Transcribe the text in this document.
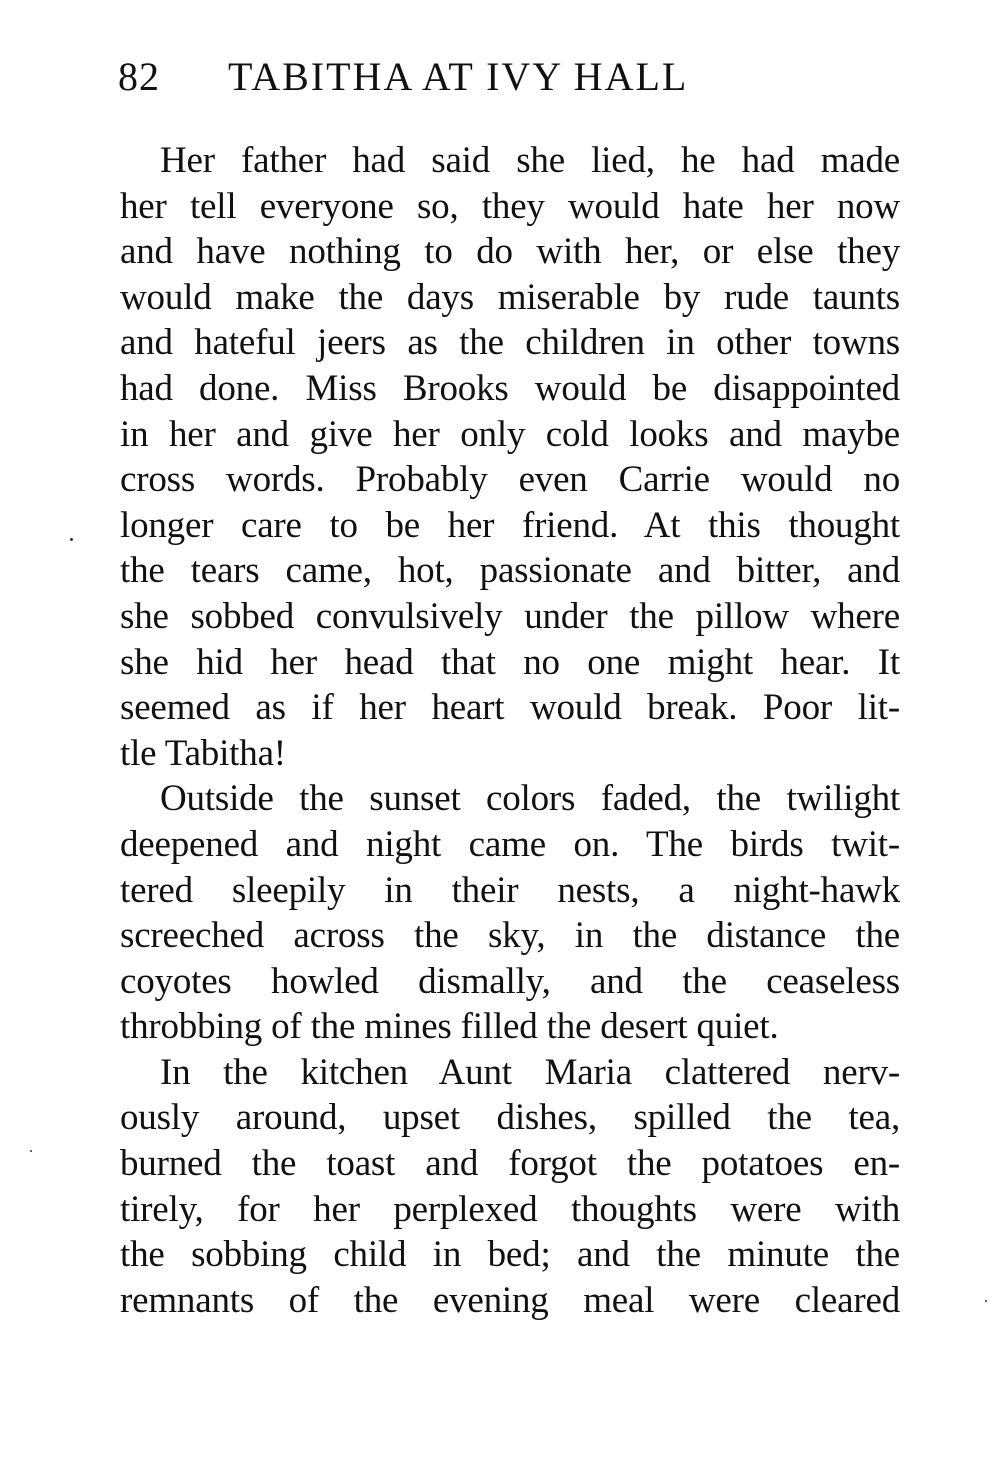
82 TABITHA AT IVY HALL
Her father had said she lied, he had made
her tell everyone so, they would hate her now
and have nothing to do with her, or else they
would make the days miserable by rude taunts
and hateful jeers as the children in other towns
had done. Miss Brooks would be disappointed
in her and give her only cold looks and maybe
cross words. Probably even Carrie would no
longer care to be her friend. At this thought
the tears came, hot, passionate and bitter, and
she sobbed convulsively under the pillow where
she hid her head that no one might hear. It
seemed as if her heart would break. Poor lit-
tle Tabitha!
Outside the sunset colors faded, the twilight
deepened and night came on. The birds twit-
tered sleepily in their nests, a night-hawk
screeched across the sky, in the distance the
coyotes howled dismally, and the ceaseless
throbbing of the mines filled the desert quiet.
In the kitchen Aunt Maria clattered nerv-
ously around, upset dishes, spilled the tea,
burned the toast and forgot the potatoes en-
tirely, for her perplexed thoughts were with
the sobbing child in bed; and the minute the
remnants of the evening meal were cleared
